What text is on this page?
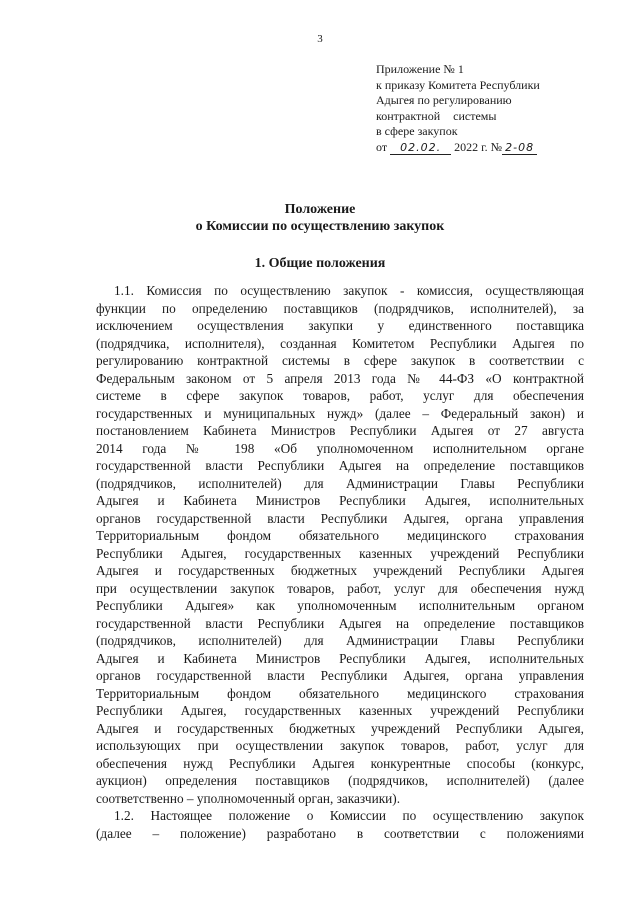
3
Приложение № 1
к приказу Комитета Республики
Адыгея по регулированию
контрактной системы
в сфере закупок
от 02.02. 2022 г. № 2-08
Положение
о Комиссии по осуществлению закупок
1. Общие положения
1.1. Комиссия по осуществлению закупок - комиссия, осуществляющая
функции по определению поставщиков (подрядчиков, исполнителей), за
исключением осуществления закупки у единственного поставщика
(подрядчика, исполнителя), созданная Комитетом Республики Адыгея по
регулированию контрактной системы в сфере закупок в соответствии с
Федеральным законом от 5 апреля 2013 года № 44-ФЗ «О контрактной
системе в сфере закупок товаров, работ, услуг для обеспечения
государственных и муниципальных нужд» (далее – Федеральный закон) и
постановлением Кабинета Министров Республики Адыгея от 27 августа
2014 года № 198 «Об уполномоченном исполнительном органе
государственной власти Республики Адыгея на определение поставщиков
(подрядчиков, исполнителей) для Администрации Главы Республики
Адыгея и Кабинета Министров Республики Адыгея, исполнительных
органов государственной власти Республики Адыгея, органа управления
Территориальным фондом обязательного медицинского страхования
Республики Адыгея, государственных казенных учреждений Республики
Адыгея и государственных бюджетных учреждений Республики Адыгея
при осуществлении закупок товаров, работ, услуг для обеспечения нужд
Республики Адыгея» как уполномоченным исполнительным органом
государственной власти Республики Адыгея на определение поставщиков
(подрядчиков, исполнителей) для Администрации Главы Республики
Адыгея и Кабинета Министров Республики Адыгея, исполнительных
органов государственной власти Республики Адыгея, органа управления
Территориальным фондом обязательного медицинского страхования
Республики Адыгея, государственных казенных учреждений Республики
Адыгея и государственных бюджетных учреждений Республики Адыгея,
использующих при осуществлении закупок товаров, работ, услуг для
обеспечения нужд Республики Адыгея конкурентные способы (конкурс,
аукцион) определения поставщиков (подрядчиков, исполнителей) (далее
соответственно – уполномоченный орган, заказчики).
1.2. Настоящее положение о Комиссии по осуществлению закупок
(далее – положение) разработано в соответствии с положениями
